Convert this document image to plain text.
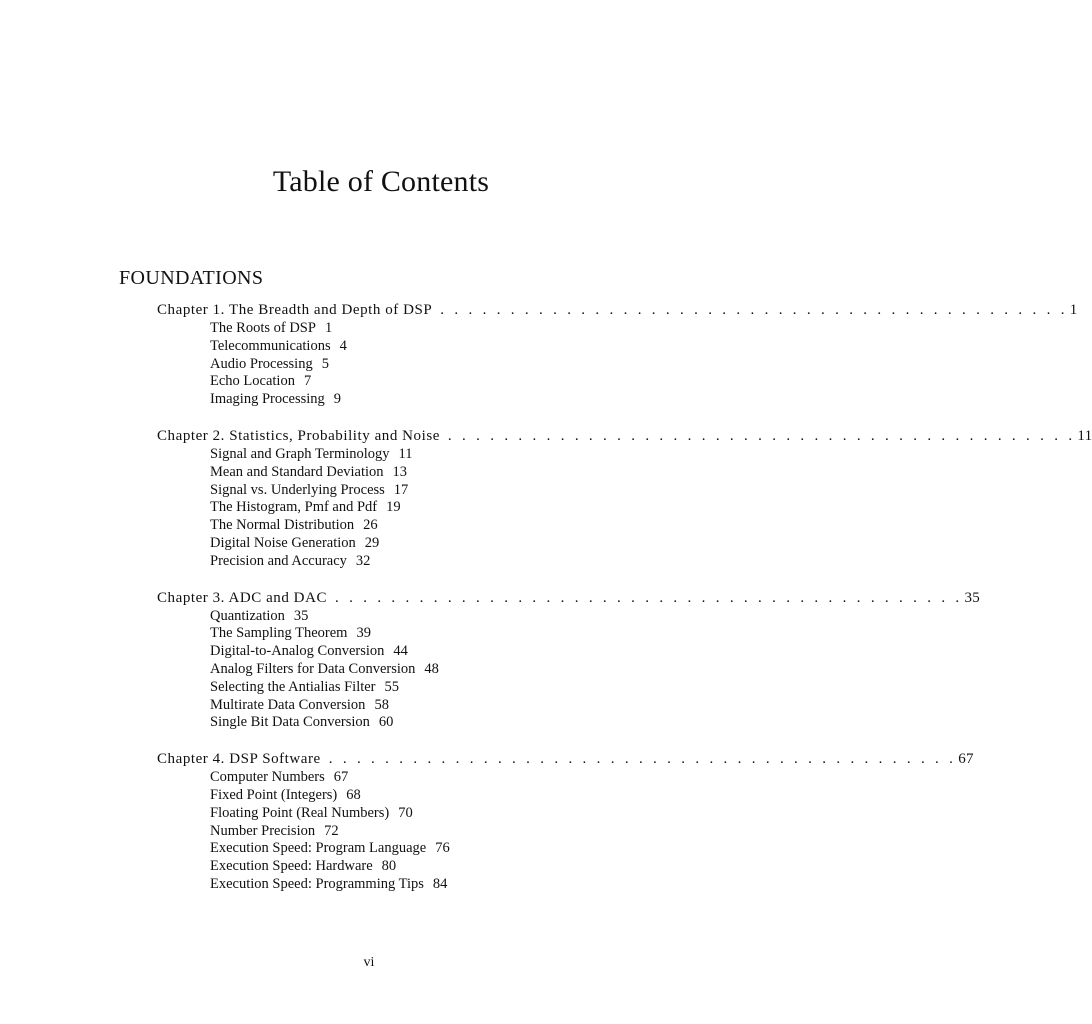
Table of Contents
FOUNDATIONS
Chapter 1. The Breadth and Depth of DSP . . . . . . . . . . . . . . . . . . . . . . . . . . . . . . . . . . . . . . . . . . . . . 1
The Roots of DSP 1
Telecommunications 4
Audio Processing 5
Echo Location 7
Imaging Processing 9
Chapter 2. Statistics, Probability and Noise . . . . . . . . . . . . . . . . . . . . . . . . . . . . . . . . . . . . . . . . . . . . . 11
Signal and Graph Terminology 11
Mean and Standard Deviation 13
Signal vs. Underlying Process 17
The Histogram, Pmf and Pdf 19
The Normal Distribution 26
Digital Noise Generation 29
Precision and Accuracy 32
Chapter 3. ADC and DAC . . . . . . . . . . . . . . . . . . . . . . . . . . . . . . . . . . . . . . . . . . . . . 35
Quantization 35
The Sampling Theorem 39
Digital-to-Analog Conversion 44
Analog Filters for Data Conversion 48
Selecting the Antialias Filter 55
Multirate Data Conversion 58
Single Bit Data Conversion 60
Chapter 4. DSP Software . . . . . . . . . . . . . . . . . . . . . . . . . . . . . . . . . . . . . . . . . . . . . 67
Computer Numbers 67
Fixed Point (Integers) 68
Floating Point (Real Numbers) 70
Number Precision 72
Execution Speed: Program Language 76
Execution Speed: Hardware 80
Execution Speed: Programming Tips 84
vi
